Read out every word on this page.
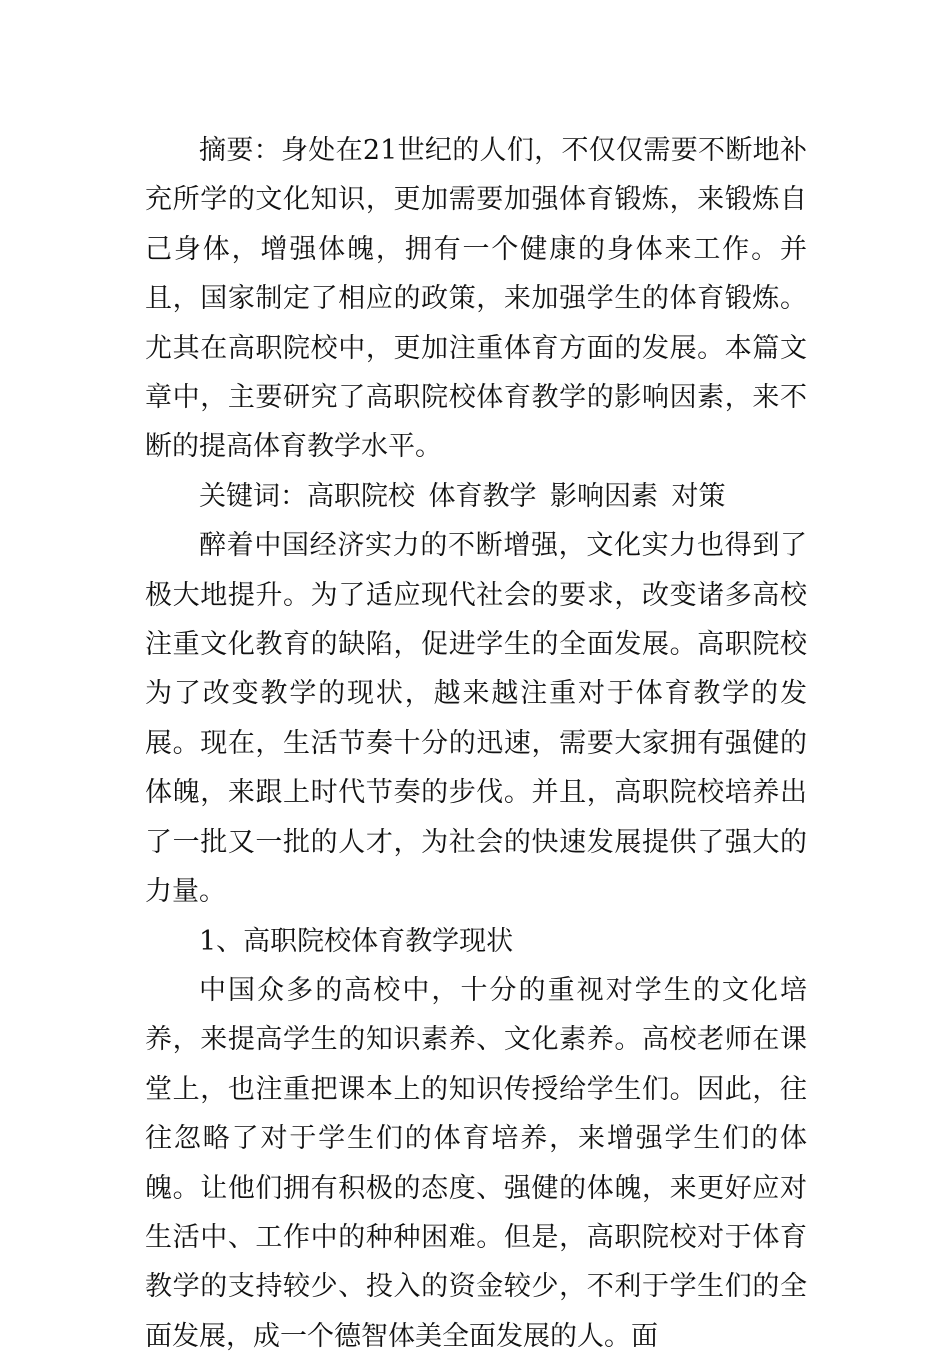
摘要：身处在21世纪的人们，不仅仅需要不断地补充所学的文化知识，更加需要加强体育锻炼，来锻炼自己身体，增强体魄，拥有一个健康的身体来工作。并且，国家制定了相应的政策，来加强学生的体育锻炼。尤其在高职院校中，更加注重体育方面的发展。本篇文章中，主要研究了高职院校体育教学的影响因素，来不断的提高体育教学水平。

关键词：高职院校 体育教学 影响因素 对策

醉着中国经济实力的不断增强，文化实力也得到了极大地提升。为了适应现代社会的要求，改变诸多高校注重文化教育的缺陷，促进学生的全面发展。高职院校为了改变教学的现状，越来越注重对于体育教学的发展。现在，生活节奏十分的迅速，需要大家拥有强健的体魄，来跟上时代节奏的步伐。并且，高职院校培养出了一批又一批的人才，为社会的快速发展提供了强大的力量。

1、高职院校体育教学现状

中国众多的高校中，十分的重视对学生的文化培养，来提高学生的知识素养、文化素养。高校老师在课堂上，也注重把课本上的知识传授给学生们。因此，往往忽略了对于学生们的体育培养，来增强学生们的体魄。让他们拥有积极的态度、强健的体魄，来更好应对生活中、工作中的种种困难。但是，高职院校对于体育教学的支持较少、投入的资金较少，不利于学生们的全面发展，成一个德智体美全面发展的人。面
